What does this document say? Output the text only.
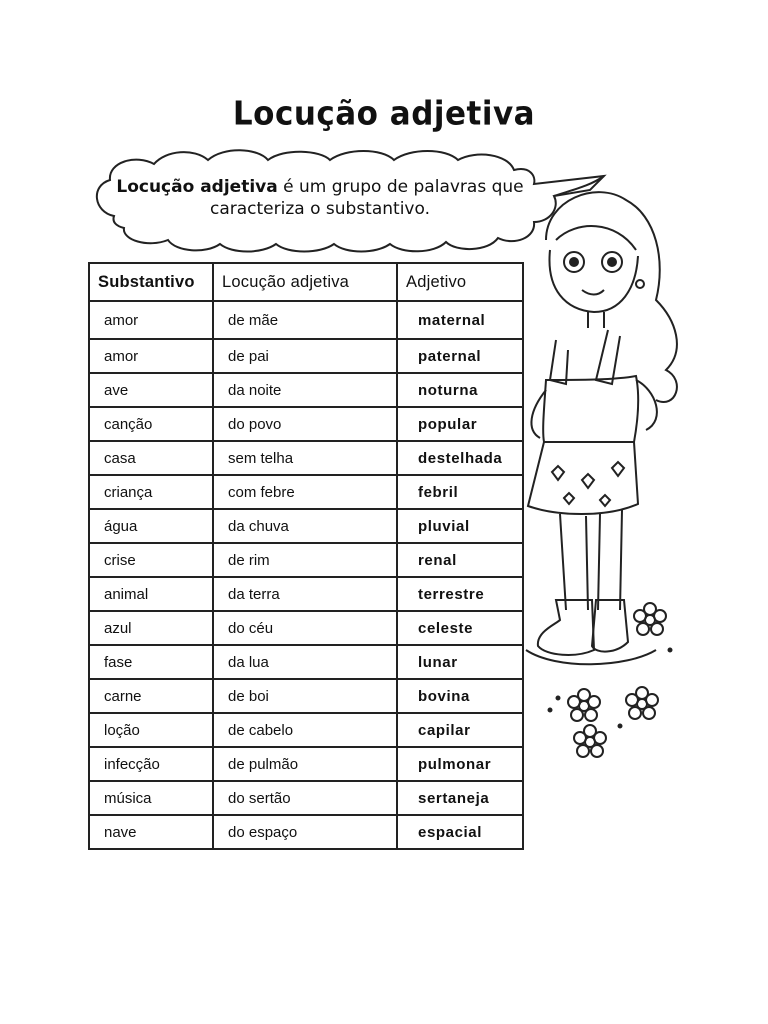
Locução adjetiva
Locução adjetiva é um grupo de palavras que
caracteriza o substantivo.
Substantivo	Locução adjetiva	Adjetivo
amor	de mãe	maternal
amor	de pai	paternal
ave	da noite	noturna
canção	do povo	popular
casa	sem telha	destelhada
criança	com febre	febril
água	da chuva	pluvial
crise	de rim	renal
animal	da terra	terrestre
azul	do céu	celeste
fase	da lua	lunar
carne	de boi	bovina
loção	de cabelo	capilar
infecção	de pulmão	pulmonar
música	do sertão	sertaneja
nave	do espaço	espacial
